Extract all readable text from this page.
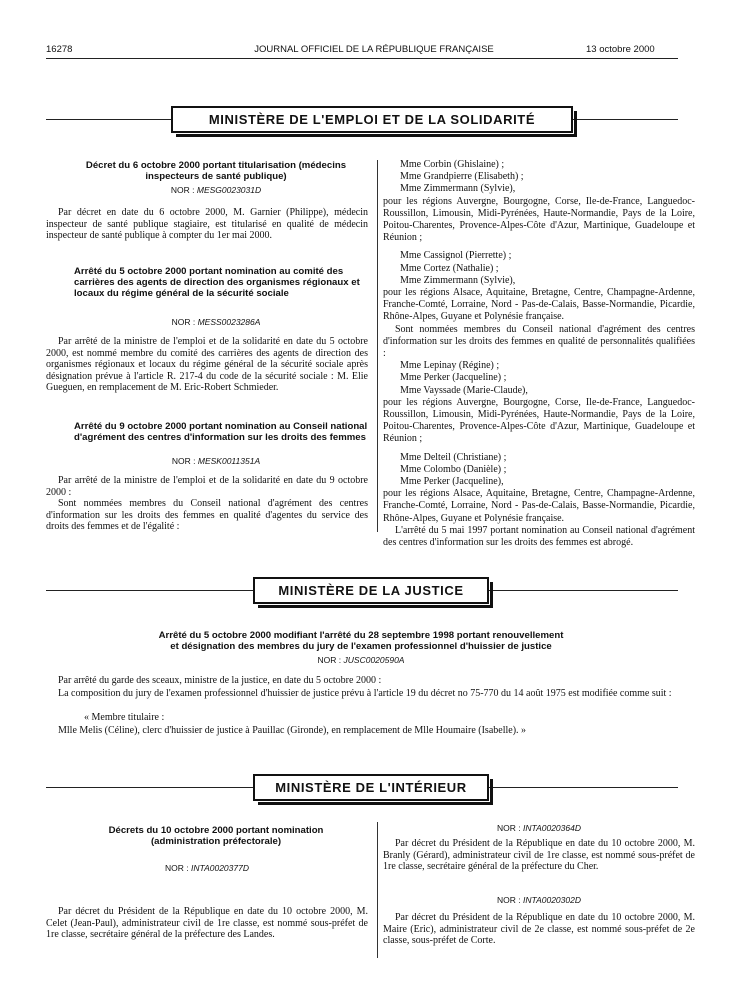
16278	JOURNAL OFFICIEL DE LA RÉPUBLIQUE FRANÇAISE	13 octobre 2000
MINISTÈRE DE L'EMPLOI ET DE LA SOLIDARITÉ
Décret du 6 octobre 2000 portant titularisation (médecins inspecteurs de santé publique)
NOR : MESG0023031D
Par décret en date du 6 octobre 2000, M. Garnier (Philippe), médecin inspecteur de santé publique stagiaire, est titularisé en qualité de médecin inspecteur de santé publique à compter du 1er mai 2000.
Arrêté du 5 octobre 2000 portant nomination au comité des carrières des agents de direction des organismes régionaux et locaux du régime général de la sécurité sociale
NOR : MESS0023286A
Par arrêté de la ministre de l'emploi et de la solidarité en date du 5 octobre 2000, est nommé membre du comité des carrières des agents de direction des organismes régionaux et locaux du régime général de la sécurité sociale après désignation prévue à l'article R. 217-4 du code de la sécurité sociale : M. Elie Gueguen, en remplacement de M. Eric-Robert Schmieder.
Arrêté du 9 octobre 2000 portant nomination au Conseil national d'agrément des centres d'information sur les droits des femmes
NOR : MESK0011351A
Par arrêté de la ministre de l'emploi et de la solidarité en date du 9 octobre 2000 :
Sont nommées membres du Conseil national d'agrément des centres d'information sur les droits des femmes en qualité d'agentes du service des droits des femmes et de l'égalité :
Mme Corbin (Ghislaine) ;
Mme Grandpierre (Elisabeth) ;
Mme Zimmermann (Sylvie),
pour les régions Auvergne, Bourgogne, Corse, Ile-de-France, Languedoc-Roussillon, Limousin, Midi-Pyrénées, Haute-Normandie, Pays de la Loire, Poitou-Charentes, Provence-Alpes-Côte d'Azur, Martinique, Guadeloupe et Réunion ;
Mme Cassignol (Pierrette) ;
Mme Cortez (Nathalie) ;
Mme Zimmermann (Sylvie),
pour les régions Alsace, Aquitaine, Bretagne, Centre, Champagne-Ardenne, Franche-Comté, Lorraine, Nord - Pas-de-Calais, Basse-Normandie, Picardie, Rhône-Alpes, Guyane et Polynésie française.
Sont nommées membres du Conseil national d'agrément des centres d'information sur les droits des femmes en qualité de personnalités qualifiées :
Mme Lepinay (Régine) ;
Mme Perker (Jacqueline) ;
Mme Vayssade (Marie-Claude),
pour les régions Auvergne, Bourgogne, Corse, Ile-de-France, Languedoc-Roussillon, Limousin, Midi-Pyrénées, Haute-Normandie, Pays de la Loire, Poitou-Charentes, Provence-Alpes-Côte d'Azur, Martinique, Guadeloupe et Réunion ;
Mme Delteil (Christiane) ;
Mme Colombo (Danièle) ;
Mme Perker (Jacqueline),
pour les régions Alsace, Aquitaine, Bretagne, Centre, Champagne-Ardenne, Franche-Comté, Lorraine, Nord - Pas-de-Calais, Basse-Normandie, Picardie, Rhône-Alpes, Guyane et Polynésie française.
L'arrêté du 5 mai 1997 portant nomination au Conseil national d'agrément des centres d'information sur les droits des femmes est abrogé.
MINISTÈRE DE LA JUSTICE
Arrêté du 5 octobre 2000 modifiant l'arrêté du 28 septembre 1998 portant renouvellement
et désignation des membres du jury de l'examen professionnel d'huissier de justice
NOR : JUSC0020590A
Par arrêté du garde des sceaux, ministre de la justice, en date du 5 octobre 2000 :
La composition du jury de l'examen professionnel d'huissier de justice prévu à l'article 19 du décret no 75-770 du 14 août 1975 est modifiée comme suit :
« Membre titulaire :
Mlle Melis (Céline), clerc d'huissier de justice à Pauillac (Gironde), en remplacement de Mlle Houmaire (Isabelle). »
MINISTÈRE DE L'INTÉRIEUR
Décrets du 10 octobre 2000 portant nomination (administration préfectorale)
NOR : INTA0020377D
Par décret du Président de la République en date du 10 octobre 2000, M. Celet (Jean-Paul), administrateur civil de 1re classe, est nommé sous-préfet de 1re classe, secrétaire général de la préfecture des Landes.
NOR : INTA0020364D
Par décret du Président de la République en date du 10 octobre 2000, M. Branly (Gérard), administrateur civil de 1re classe, est nommé sous-préfet de 1re classe, secrétaire général de la préfecture du Cher.
NOR : INTA0020302D
Par décret du Président de la République en date du 10 octobre 2000, M. Maire (Eric), administrateur civil de 2e classe, est nommé sous-préfet de 2e classe, sous-préfet de Corte.
